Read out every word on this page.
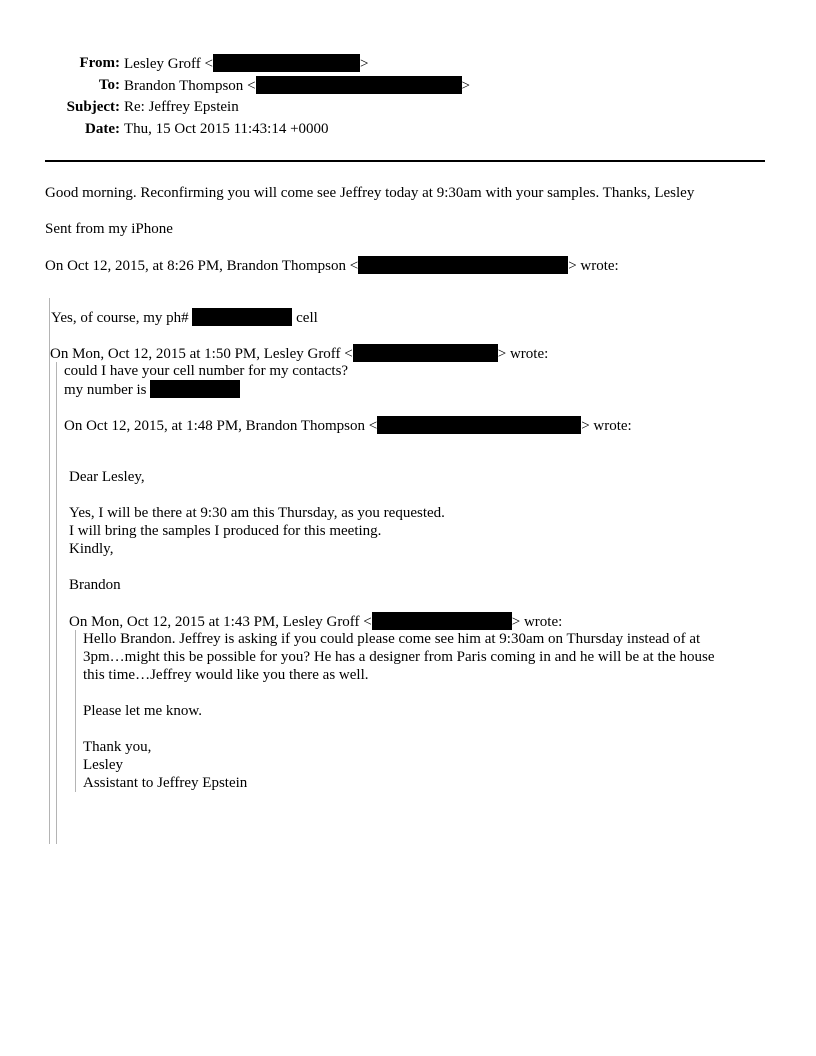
From: Lesley Groff <	>
To: Brandon Thompson <	>
Subject: Re: Jeffrey Epstein
Date: Thu, 15 Oct 2015 11:43:14 +0000
Good morning. Reconfirming you will come see Jeffrey today at 9:30am with your samples. Thanks, Lesley
Sent from my iPhone
On Oct 12, 2015, at 8:26 PM, Brandon Thompson <	> wrote:
Yes, of course, my ph#	cell
On Mon, Oct 12, 2015 at 1:50 PM, Lesley Groff <	> wrote:
could I have your cell number for my contacts?
my number is
On Oct 12, 2015, at 1:48 PM, Brandon Thompson <	> wrote:
Dear Lesley,
Yes, I will be there at 9:30 am this Thursday, as you requested.
I will bring the samples I produced for this meeting.
Kindly,
Brandon
On Mon, Oct 12, 2015 at 1:43 PM, Lesley Groff <	> wrote:
Hello Brandon. Jeffrey is asking if you could please come see him at 9:30am on Thursday instead of at
3pm…might this be possible for you? He has a designer from Paris coming in and he will be at the house
this time…Jeffrey would like you there as well.
Please let me know.
Thank you,
Lesley
Assistant to Jeffrey Epstein
